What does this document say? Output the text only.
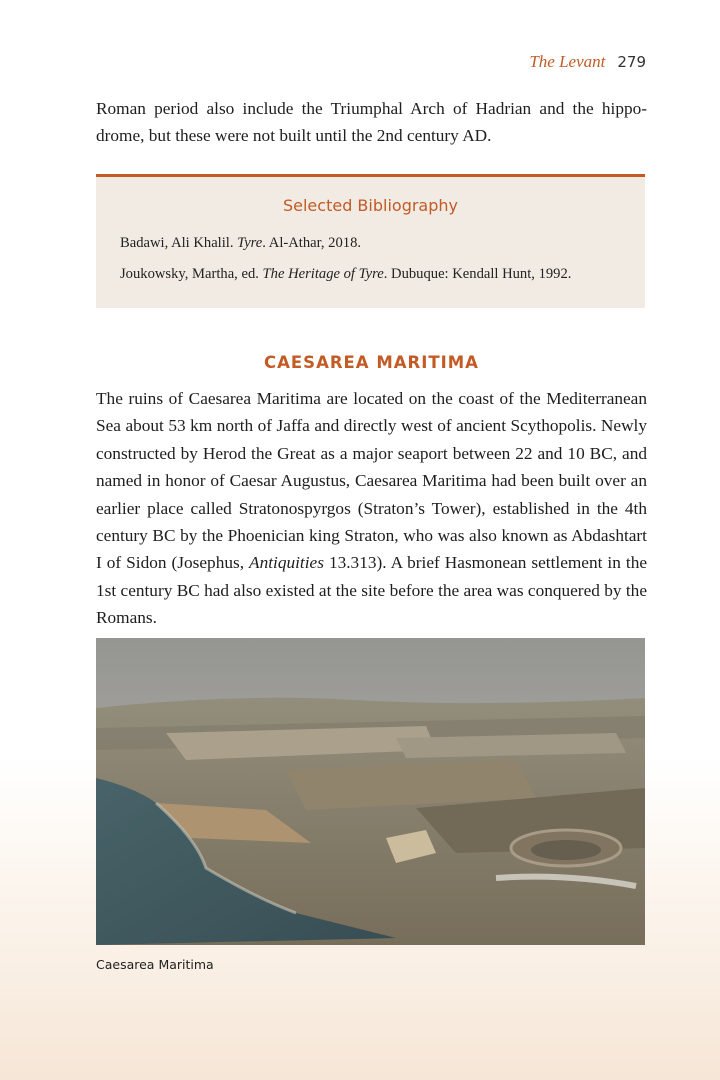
The Levant 279

Roman period also include the Triumphal Arch of Hadrian and the hippo- drome, but these were not built until the 2nd century AD.

Selected Bibliography
Badawi, Ali Khalil. Tyre. Al-Athar, 2018.
Joukowsky, Martha, ed. The Heritage of Tyre. Dubuque: Kendall Hunt, 1992.
CAESAREA MARITIMA

The ruins of Caesarea Maritima are located on the coast of the Mediterranean Sea about 53 km north of Jaffa and directly west of ancient Scythopolis. Newly constructed by Herod the Great as a major seaport between 22 and 10 BC, and named in honor of Caesar Augustus, Caesarea Maritima had been built over an earlier place called Stratonospyrgos (Straton’s Tower), established in the 4th century BC by the Phoenician king Straton, who was also known as Abdashtart I of Sidon (Josephus, Antiquities 13.313). A brief Hasmonean settlement in the 1st century BC had also existed at the site before the area was conquered by the Romans.

Caesarea Maritima
